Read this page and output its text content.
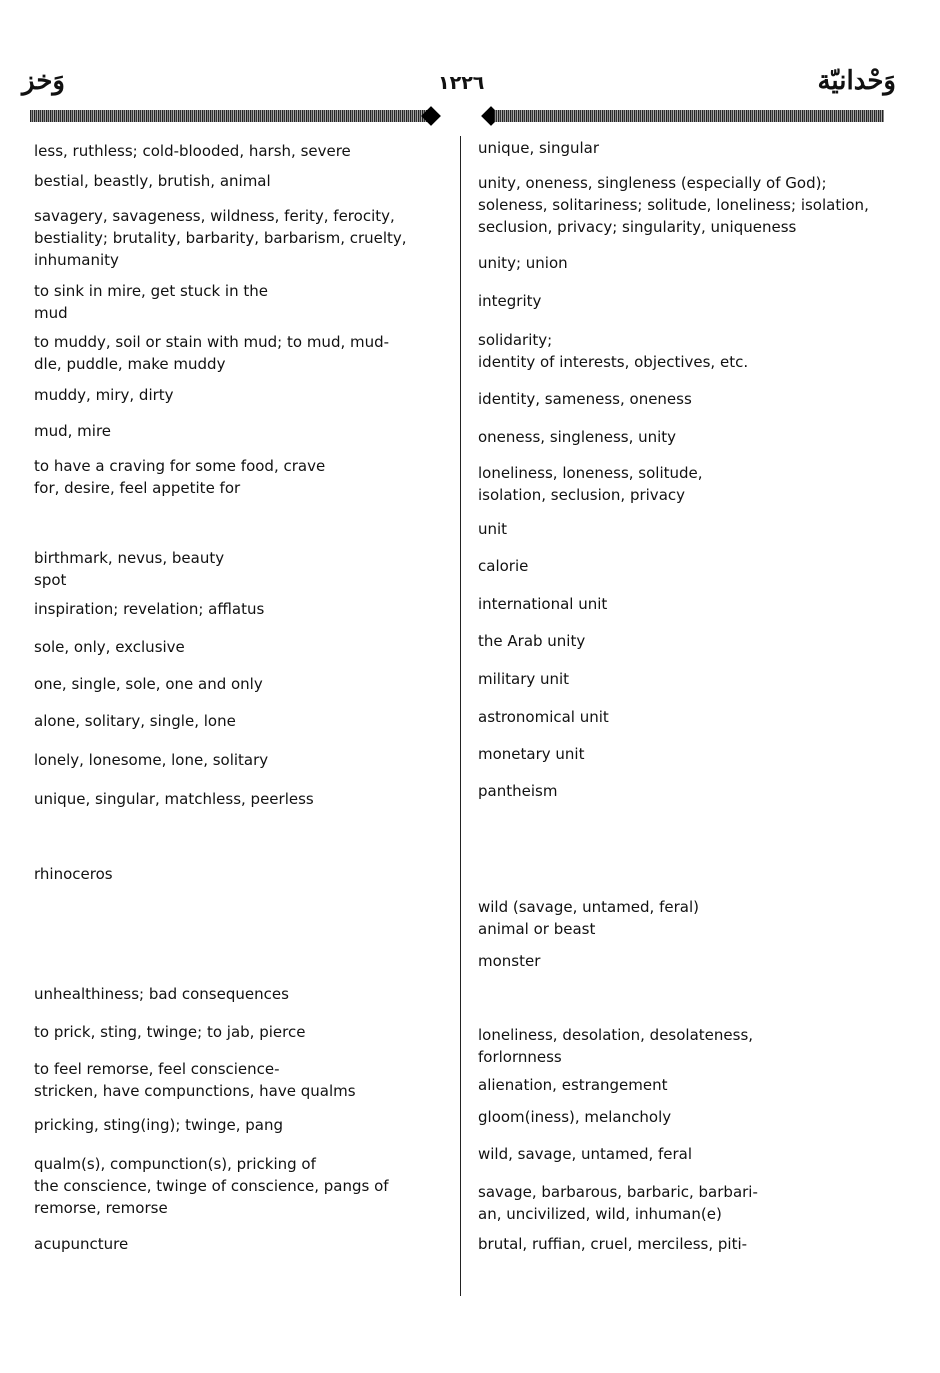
وَخز	١٢٢٦	وَحْدانيّة
less, ruthless; cold-blooded, harsh, severe
bestial, beastly, brutish, animal
savagery, savageness, wildness, ferity, ferocity,
bestiality; brutality, barbarity, barbarism, cruelty,
inhumanity
to sink in mire, get stuck in the
mud
to muddy, soil or stain with mud; to mud, mud-
dle, puddle, make muddy
muddy, miry, dirty
mud, mire
to have a craving for some food, crave
for, desire, feel appetite for
birthmark, nevus, beauty
spot
inspiration; revelation; afflatus
sole, only, exclusive
one, single, sole, one and only
alone, solitary, single, lone
lonely, lonesome, lone, solitary
unique, singular, matchless, peerless
rhinoceros
unhealthiness; bad consequences
to prick, sting, twinge; to jab, pierce
to feel remorse, feel conscience-
stricken, have compunctions, have qualms
pricking, sting(ing); twinge, pang
qualm(s), compunction(s), pricking of
the conscience, twinge of conscience, pangs of
remorse, remorse
acupuncture
unique, singular
unity, oneness, singleness (especially of God);
soleness, solitariness; solitude, loneliness; isolation,
seclusion, privacy; singularity, uniqueness
unity; union
integrity
solidarity;
identity of interests, objectives, etc.
identity, sameness, oneness
oneness, singleness, unity
loneliness, loneness, solitude,
isolation, seclusion, privacy
unit
calorie
international unit
the Arab unity
military unit
astronomical unit
monetary unit
pantheism
wild (savage, untamed, feral)
animal or beast
monster
loneliness, desolation, desolateness,
forlornness
alienation, estrangement
gloom(iness), melancholy
wild, savage, untamed, feral
savage, barbarous, barbaric, barbari-
an, uncivilized, wild, inhuman(e)
brutal, ruffian, cruel, merciless, piti-
